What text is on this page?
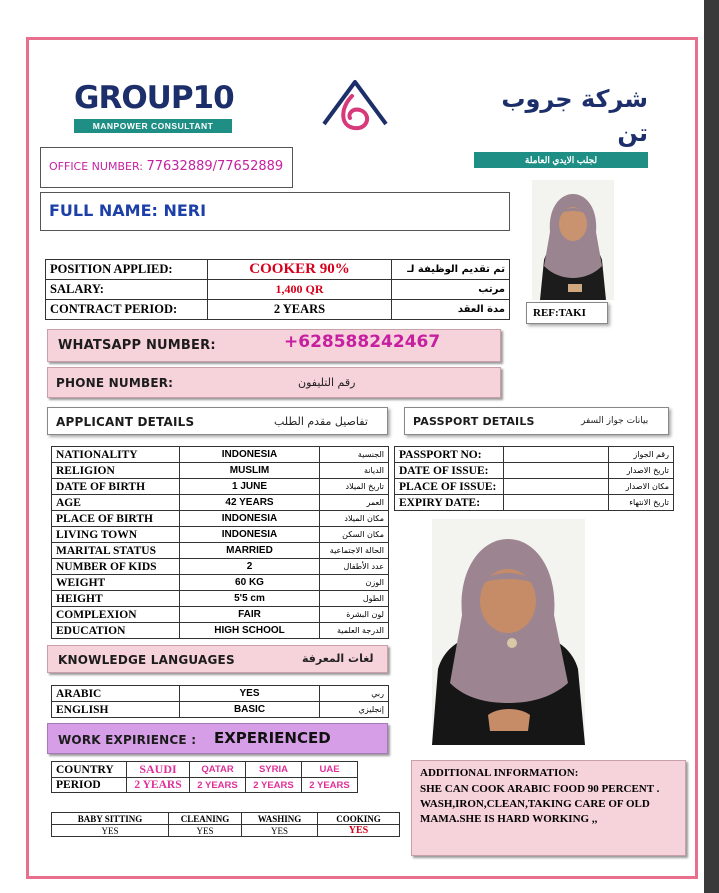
GROUP10
MANPOWER CONSULTANT
شركة جروب تن
لجلب الايدي العاملة
OFFICE NUMBER: 77632889/77652889
FULL NAME: NERI
REF:TAKI
POSITION APPLIED:	COOKER 90%	تم تقديم الوظيفة لـ
SALARY:	1,400 QR	مرتب
CONTRACT PERIOD:	2 YEARS	مدة العقد
WHATSAPP NUMBER:	+628588242467
PHONE NUMBER:	رقم التليفون
APPLICANT DETAILS	تفاصيل مقدم الطلب	PASSPORT DETAILS	بيانات جواز السفر
NATIONALITY	INDONESIA	الجنسية
RELIGION	MUSLIM	الديانة
DATE OF BIRTH	1 JUNE	تاريخ الميلاد
AGE	42 YEARS	العمر
PLACE OF BIRTH	INDONESIA	مكان الميلاد
LIVING TOWN	INDONESIA	مكان السكن
MARITAL STATUS	MARRIED	الحالة الاجتماعية
NUMBER OF KIDS	2	عدد الأطفال
WEIGHT	60 KG	الوزن
HEIGHT	5'5 cm	الطول
COMPLEXION	FAIR	لون البشرة
EDUCATION	HIGH SCHOOL	الدرجة العلمية
PASSPORT NO:		رقم الجواز
DATE OF ISSUE:		تاريخ الاصدار
PLACE OF ISSUE:		مكان الاصدار
EXPIRY DATE:		تاريخ الانتهاء
KNOWLEDGE LANGUAGES	لغات المعرفة
ARABIC	YES	ربي
ENGLISH	BASIC	إنجليزي
WORK EXPIRIENCE : EXPERIENCED
COUNTRY	SAUDI	QATAR	SYRIA	UAE
PERIOD	2 YEARS	2 YEARS	2 YEARS	2 YEARS
BABY SITTING	CLEANING	WASHING	COOKING
YES	YES	YES	YES
ADDITIONAL INFORMATION:
SHE CAN COOK ARABIC FOOD 90 PERCENT . WASH,IRON,CLEAN,TAKING CARE OF OLD MAMA.SHE IS HARD WORKING ,,
